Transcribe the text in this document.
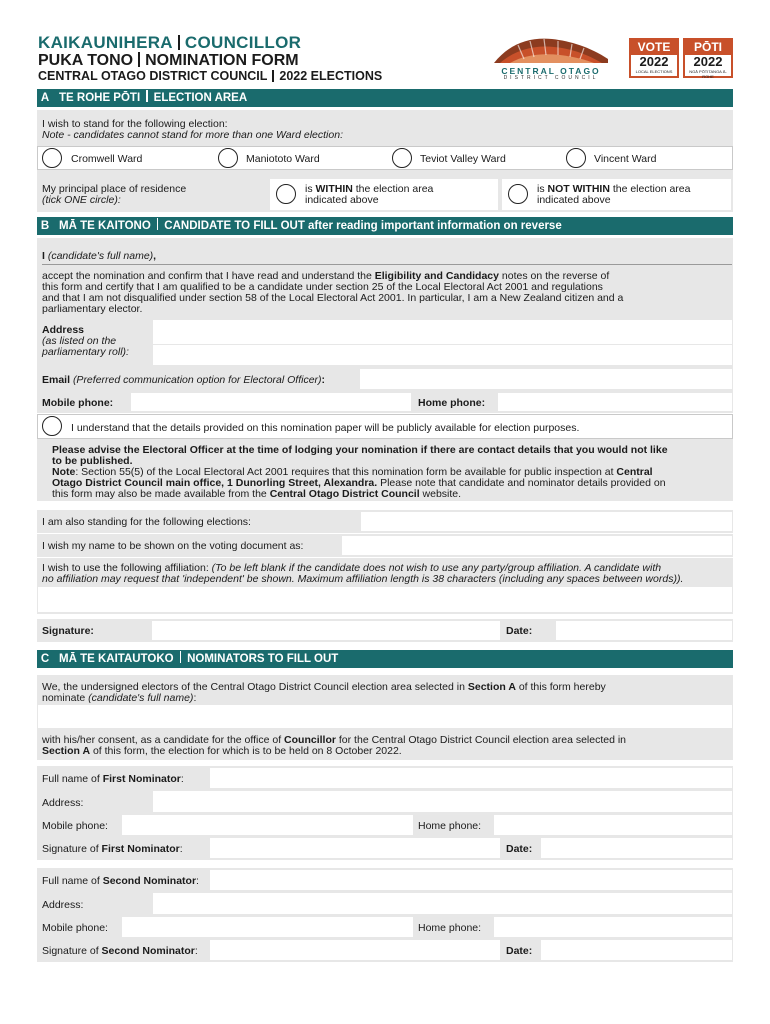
KAIKAUNIHERA COUNCILLOR
PUKA TONO NOMINATION FORM
CENTRAL OTAGO DISTRICT COUNCIL 2022 ELECTIONS	CENTRAL OTAGO
DISTRICT COUNCIL
VOTE
2022
LOCAL ELECTIONS
PŌTI
2022
NGĀ PŌTITANGA Ā-ROHE
A TE ROHE PŌTI ELECTION AREA
I wish to stand for the following election:
Note - candidates cannot stand for more than one Ward election:
Cromwell Ward	Maniototo Ward	Teviot Valley Ward	Vincent Ward
My principal place of residence
(tick ONE circle):
is WITHIN the election area
indicated above
is NOT WITHIN the election area
indicated above
B MĀ TE KAITONO CANDIDATE TO FILL OUT after reading important information on reverse
I (candidate's full name),
accept the nomination and confirm that I have read and understand the Eligibility and Candidacy notes on the reverse of
this form and certify that I am qualified to be a candidate under section 25 of the Local Electoral Act 2001 and regulations
and that I am not disqualified under section 58 of the Local Electoral Act 2001. In particular, I am a New Zealand citizen and a
parliamentary elector.
Address
(as listed on the
parliamentary roll):
Email (Preferred communication option for Electoral Officer):
Mobile phone:	Home phone:
I understand that the details provided on this nomination paper will be publicly available for election purposes.
Please advise the Electoral Officer at the time of lodging your nomination if there are contact details that you would not like
to be published.
Note: Section 55(5) of the Local Electoral Act 2001 requires that this nomination form be available for public inspection at Central
Otago District Council main office, 1 Dunorling Street, Alexandra. Please note that candidate and nominator details provided on
this form may also be made available from the Central Otago District Council website.
I am also standing for the following elections:
I wish my name to be shown on the voting document as:
I wish to use the following affiliation: (To be left blank if the candidate does not wish to use any party/group affiliation. A candidate with
no affiliation may request that 'independent' be shown. Maximum affiliation length is 38 characters (including any spaces between words)).
Signature:	Date:
C MĀ TE KAITAUTOKO NOMINATORS TO FILL OUT
We, the undersigned electors of the Central Otago District Council election area selected in Section A of this form hereby
nominate (candidate's full name):
with his/her consent, as a candidate for the office of Councillor for the Central Otago District Council election area selected in
Section A of this form, the election for which is to be held on 8 October 2022.
Full name of First Nominator:
Address:
Mobile phone:	Home phone:
Signature of First Nominator:	Date:
Full name of Second Nominator:
Address:
Mobile phone:	Home phone:
Signature of Second Nominator:	Date:
